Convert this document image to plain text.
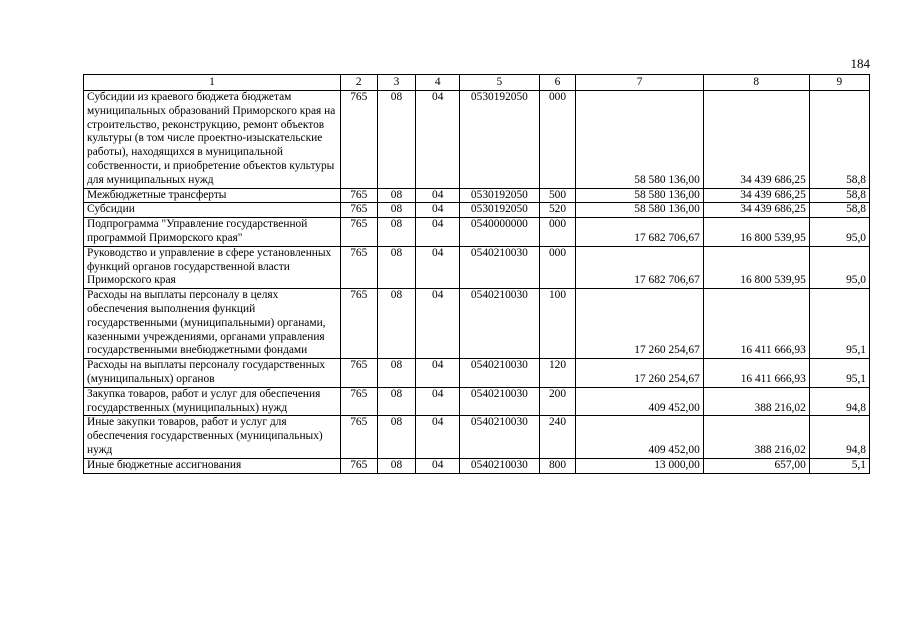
184
1	2	3	4	5	6	7	8	9
Субсидии из краевого бюджета бюджетам муниципальных образований Приморского края на строительство, реконструкцию, ремонт объектов культуры (в том числе проектно-изыскательские работы), находящихся в муниципальной собственности, и приобретение объектов культуры для муниципальных нужд	765	08	04	0530192050	000	58 580 136,00	34 439 686,25	58,8
Межбюджетные трансферты	765	08	04	0530192050	500	58 580 136,00	34 439 686,25	58,8
Субсидии	765	08	04	0530192050	520	58 580 136,00	34 439 686,25	58,8
Подпрограмма "Управление государственной программой Приморского края"	765	08	04	0540000000	000	17 682 706,67	16 800 539,95	95,0
Руководство и управление в сфере установленных функций органов государственной власти Приморского края	765	08	04	0540210030	000	17 682 706,67	16 800 539,95	95,0
Расходы на выплаты персоналу в целях обеспечения выполнения функций государственными (муниципальными) органами, казенными учреждениями, органами управления государственными внебюджетными фондами	765	08	04	0540210030	100	17 260 254,67	16 411 666,93	95,1
Расходы на выплаты персоналу государственных (муниципальных) органов	765	08	04	0540210030	120	17 260 254,67	16 411 666,93	95,1
Закупка товаров, работ и услуг для обеспечения государственных (муниципальных) нужд	765	08	04	0540210030	200	409 452,00	388 216,02	94,8
Иные закупки товаров, работ и услуг для обеспечения государственных (муниципальных) нужд	765	08	04	0540210030	240	409 452,00	388 216,02	94,8
Иные бюджетные ассигнования	765	08	04	0540210030	800	13 000,00	657,00	5,1
